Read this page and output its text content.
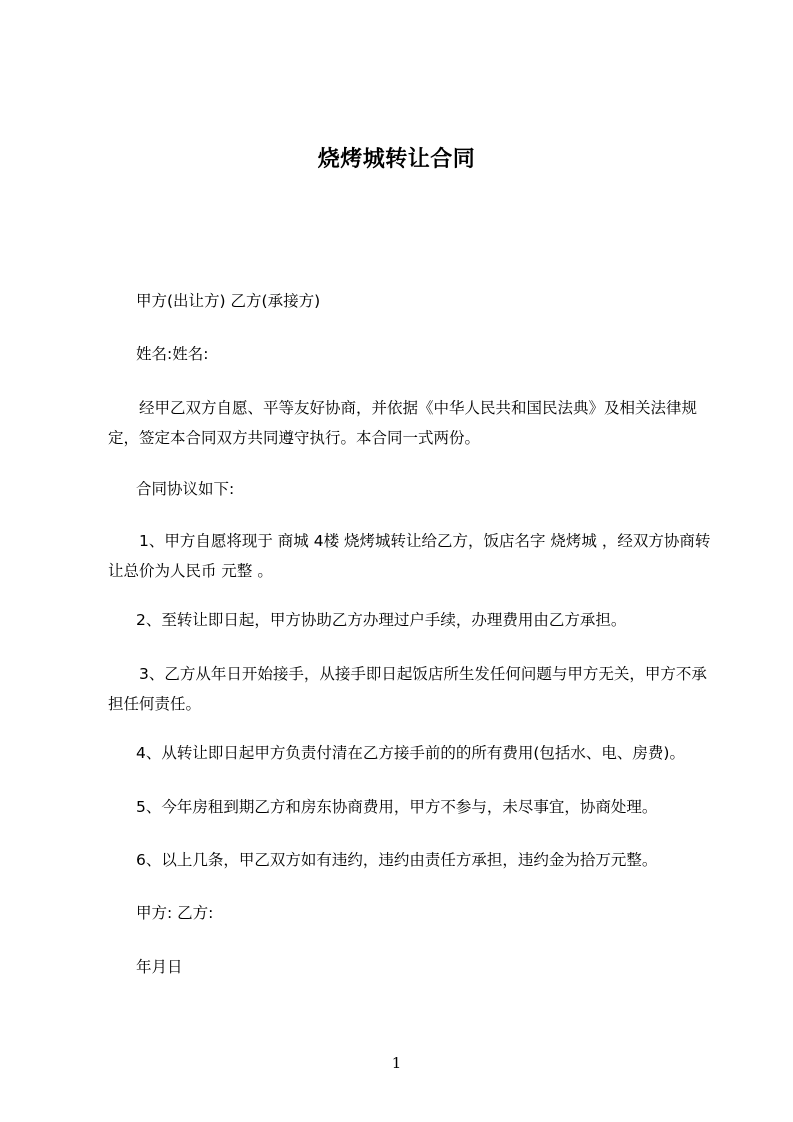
烧烤城转让合同

甲方(出让方) 乙方(承接方)

姓名:姓名:

经甲乙双方自愿、平等友好协商，并依据《中华人民共和国民法典》及相关法律规定，签定本合同双方共同遵守执行。本合同一式两份。

合同协议如下:

1、甲方自愿将现于 商城 4楼 烧烤城转让给乙方，饭店名字 烧烤城 ，经双方协商转让总价为人民币 元整 。

2、至转让即日起，甲方协助乙方办理过户手续，办理费用由乙方承担。

3、乙方从年日开始接手，从接手即日起饭店所生发任何问题与甲方无关，甲方不承担任何责任。

4、从转让即日起甲方负责付清在乙方接手前的的所有费用(包括水、电、房费)。

5、今年房租到期乙方和房东协商费用，甲方不参与，未尽事宜，协商处理。

6、以上几条，甲乙双方如有违约，违约由责任方承担，违约金为拾万元整。

甲方: 乙方:

年月日

1
